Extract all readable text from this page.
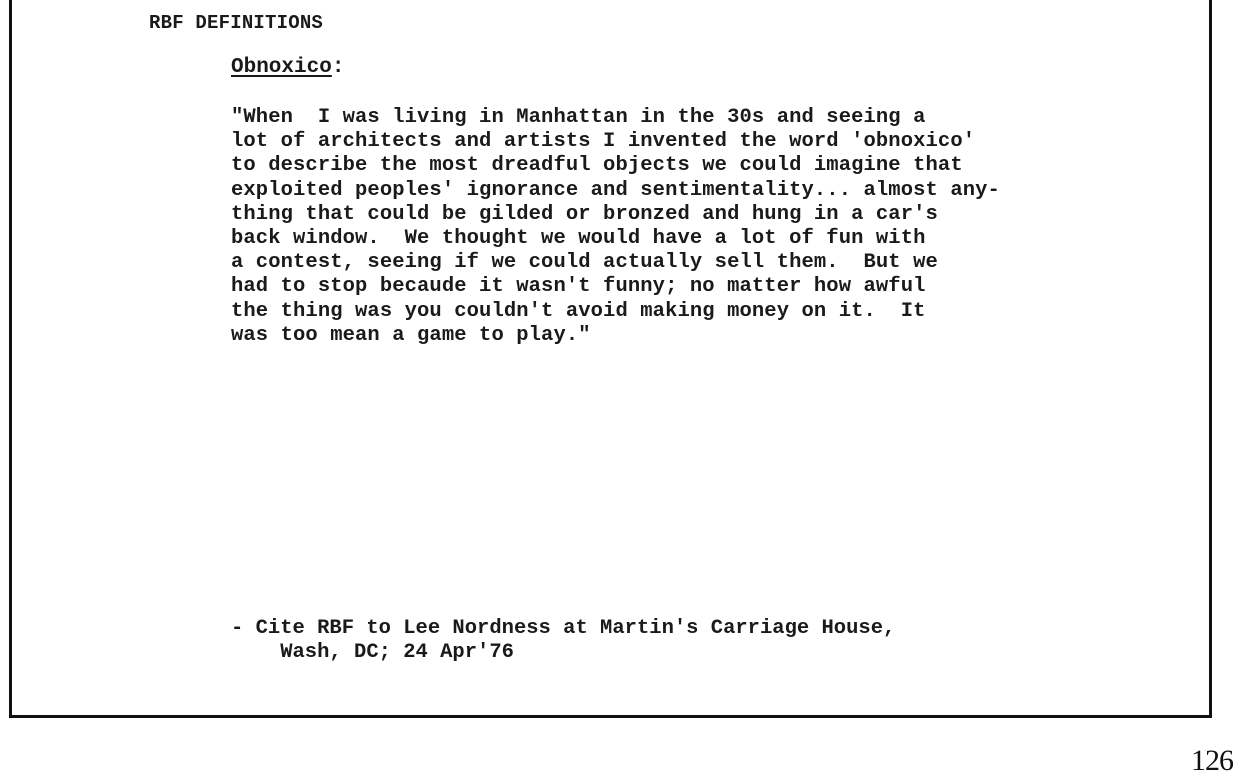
RBF DEFINITIONS
Obnoxico:
"When  I was living in Manhattan in the 30s and seeing a
lot of architects and artists I invented the word 'obnoxico'
to describe the most dreadful objects we could imagine that
exploited peoples' ignorance and sentimentality... almost any-
thing that could be gilded or bronzed and hung in a car's
back window.  We thought we would have a lot of fun with
a contest, seeing if we could actually sell them.  But we
had to stop becaude it wasn't funny; no matter how awful
the thing was you couldn't avoid making money on it.  It
was too mean a game to play."
- Cite RBF to Lee Nordness at Martin's Carriage House,
Wash, DC; 24 Apr'76
126
